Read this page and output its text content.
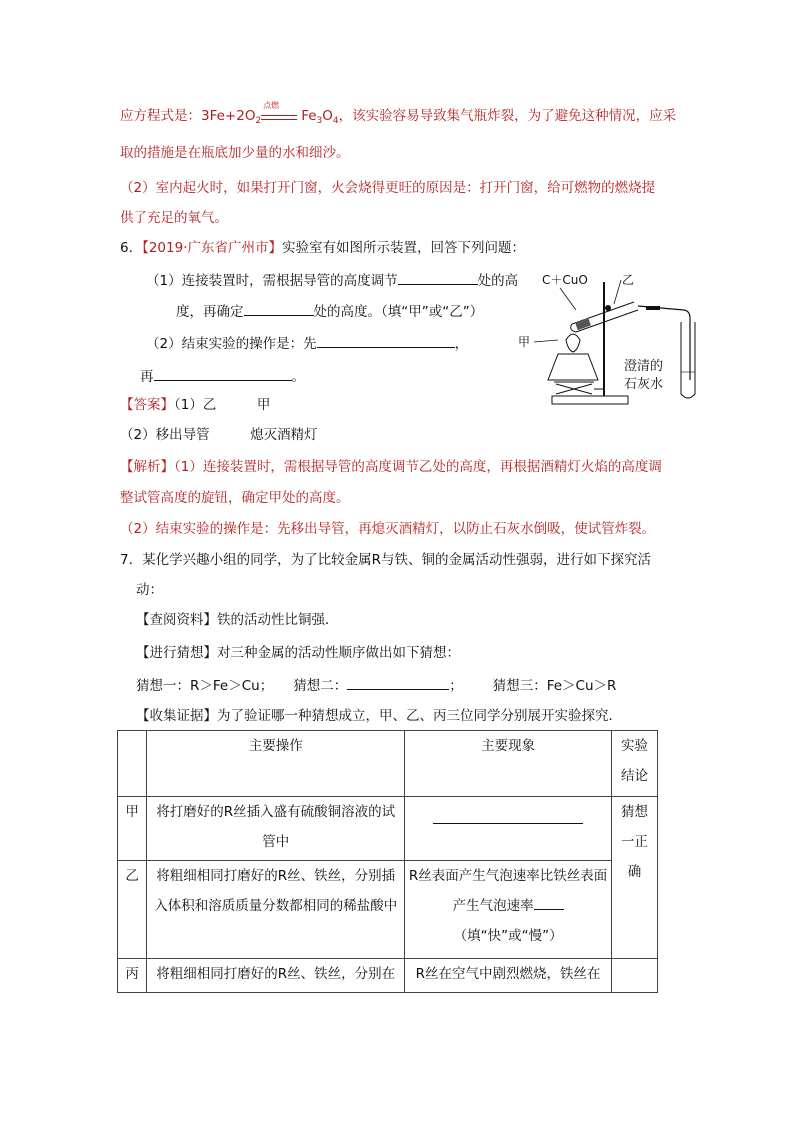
应方程式是：$3Fe+2O_2$
点燃
$Fe_3O_4$，该实验容易导致集气瓶炸裂，为了避免这种情况，应采
取的措施是在瓶底加少量的水和细沙。
（2）室内起火时，如果打开门窗，火会烧得更旺的原因是：打开门窗，给可燃物的燃烧提
供了充足的氧气。
6．【2019·广东省广州市】实验室有如图所示装置，回答下列问题：
（1）连接装置时，需根据导管的高度调节	处的高
度，再确定	处的高度。（填“甲”或“乙”）
（2）结束实验的操作是：先	，
再	。
C＋CuO	乙
甲
澄清的
石灰水
【答案】（1）乙　　　甲
（2）移出导管　　　熄灭酒精灯
【解析】（1）连接装置时，需根据导管的高度调节乙处的高度，再根据酒精灯火焰的高度调
整试管高度的旋钮，确定甲处的高度。
（2）结束实验的操作是：先移出导管，再熄灭酒精灯，以防止石灰水倒吸，使试管炸裂。
7．某化学兴趣小组的同学，为了比较金属R与铁、铜的金属活动性强弱，进行如下探究活
动：
【查阅资料】铁的活动性比铜强．
【进行猜想】对三种金属的活动性顺序做出如下猜想：
猜想一：R＞Fe＞Cu； 猜想二：	； 猜想三：Fe＞Cu＞R
【收集证据】为了验证哪一种猜想成立，甲、乙、丙三位同学分别展开实验探究．
	主要操作	主要现象	实验结论
甲	将打磨好的R丝插入盛有硫酸铜溶液的试管中		猜想一正确
乙	将粗细相同打磨好的R丝、铁丝，分别插入体积和溶质质量分数都相同的稀盐酸中	R丝表面产生气泡速率比铁丝表面产生气泡速率（填“快”或“慢”）	
丙	将粗细相同打磨好的R丝、铁丝，分别在	R丝在空气中剧烈燃烧，铁丝在	
